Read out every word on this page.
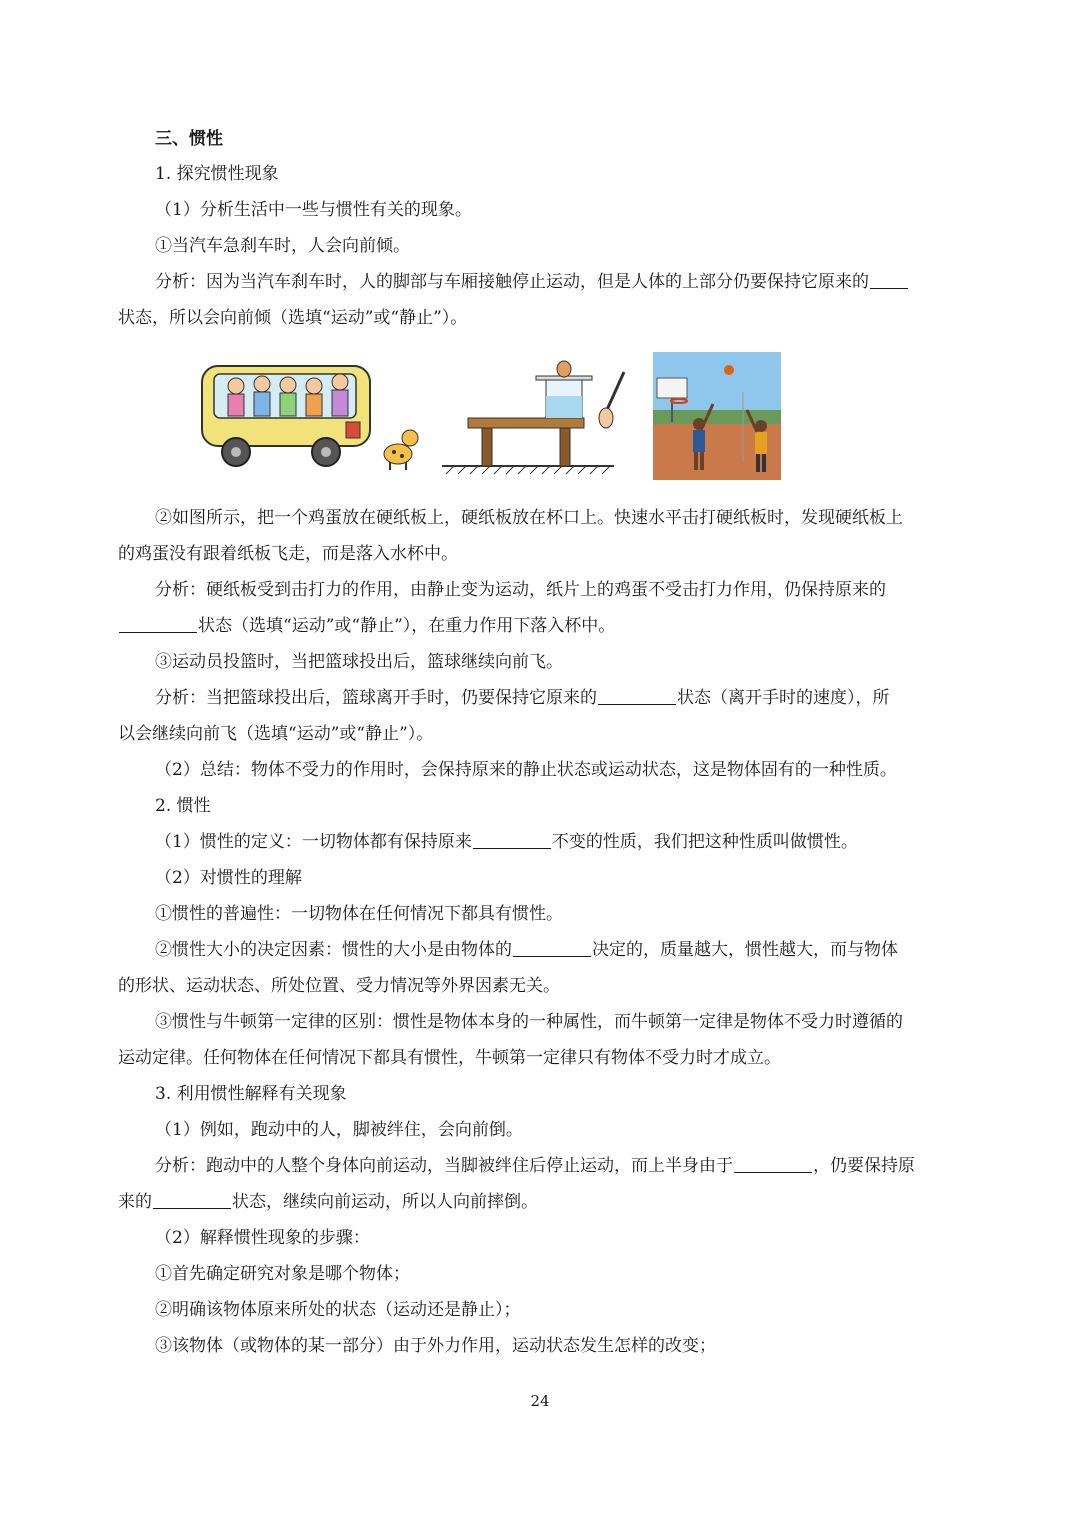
三、惯性
1. 探究惯性现象
（1）分析生活中一些与惯性有关的现象。
①当汽车急刹车时，人会向前倾。
分析：因为当汽车刹车时，人的脚部与车厢接触停止运动，但是人体的上部分仍要保持它原来的
状态，所以会向前倾（选填“运动”或“静止”）。
②如图所示，把一个鸡蛋放在硬纸板上，硬纸板放在杯口上。快速水平击打硬纸板时，发现硬纸板上
的鸡蛋没有跟着纸板飞走，而是落入水杯中。
分析：硬纸板受到击打力的作用，由静止变为运动，纸片上的鸡蛋不受击打力作用，仍保持原来的
状态（选填“运动”或“静止”），在重力作用下落入杯中。
③运动员投篮时，当把篮球投出后，篮球继续向前飞。
分析：当把篮球投出后，篮球离开手时，仍要保持它原来的	状态（离开手时的速度），所
以会继续向前飞（选填“运动”或“静止”）。
（2）总结：物体不受力的作用时，会保持原来的静止状态或运动状态，这是物体固有的一种性质。
2. 惯性
（1）惯性的定义：一切物体都有保持原来	不变的性质，我们把这种性质叫做惯性。
（2）对惯性的理解
①惯性的普遍性：一切物体在任何情况下都具有惯性。
②惯性大小的决定因素：惯性的大小是由物体的	决定的，质量越大，惯性越大，而与物体
的形状、运动状态、所处位置、受力情况等外界因素无关。
③惯性与牛顿第一定律的区别：惯性是物体本身的一种属性，而牛顿第一定律是物体不受力时遵循的
运动定律。任何物体在任何情况下都具有惯性，牛顿第一定律只有物体不受力时才成立。
3. 利用惯性解释有关现象
（1）例如，跑动中的人，脚被绊住，会向前倒。
分析：跑动中的人整个身体向前运动，当脚被绊住后停止运动，而上半身由于	，仍要保持原
来的	状态，继续向前运动，所以人向前摔倒。
（2）解释惯性现象的步骤：
①首先确定研究对象是哪个物体；
②明确该物体原来所处的状态（运动还是静止）；
③该物体（或物体的某一部分）由于外力作用，运动状态发生怎样的改变；
24
